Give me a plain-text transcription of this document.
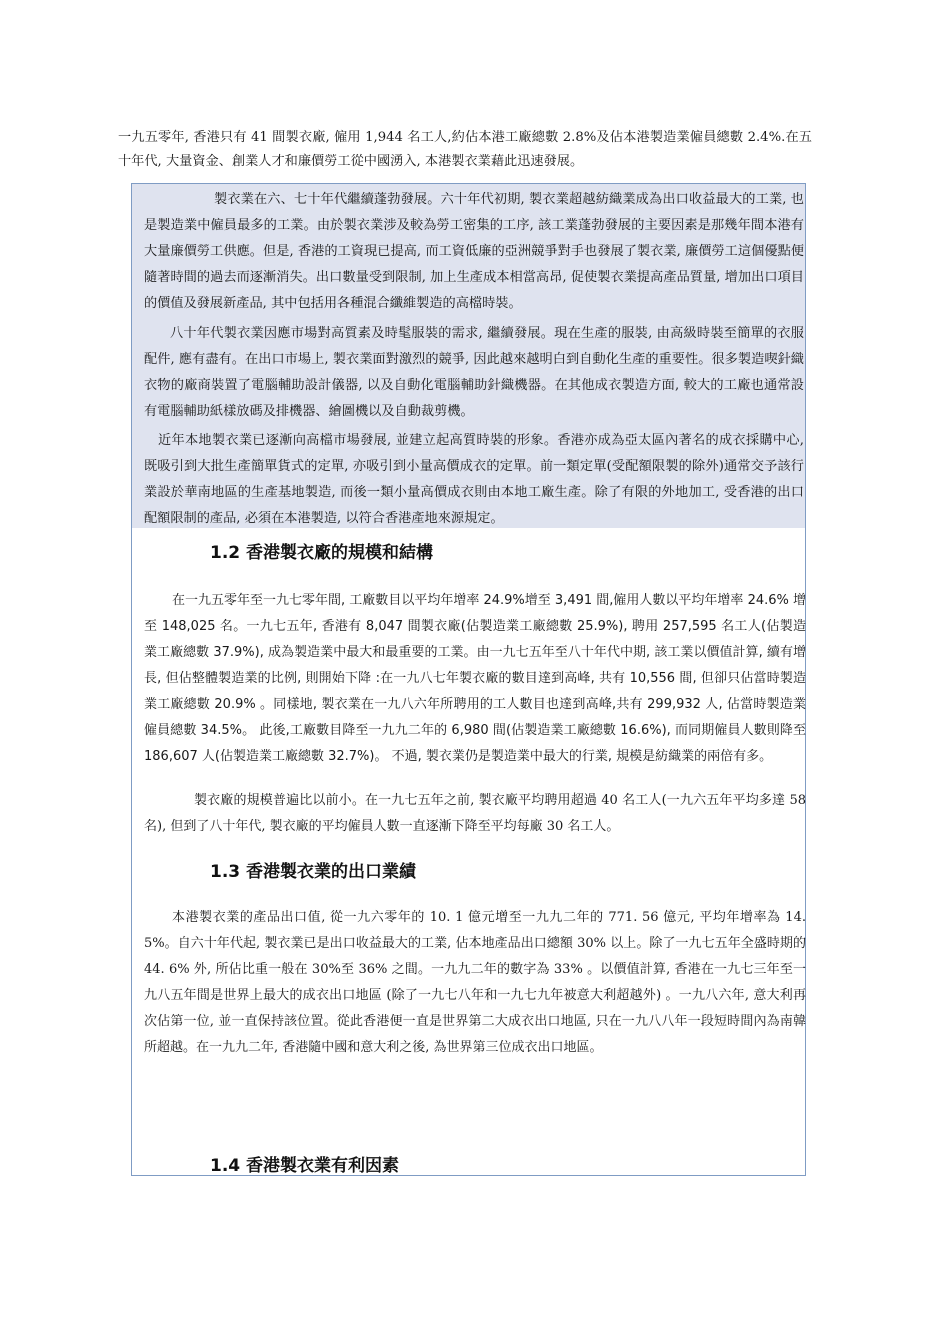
一九五零年, 香港只有 41 間製衣廠, 僱用 1,944 名工人,約佔本港工廠總數 2.8%及佔本港製造業僱員總數 2.4%.在五十年代, 大量資金、創業人才和廉價勞工從中國湧入, 本港製衣業藉此迅速發展。

製衣業在六、七十年代繼續蓬勃發展。六十年代初期, 製衣業超越紡織業成為出口收益最大的工業, 也是製造業中僱員最多的工業。由於製衣業涉及較為勞工密集的工序, 該工業蓬勃發展的主要因素是那幾年間本港有大量廉價勞工供應。但是, 香港的工資現已提高, 而工資低廉的亞洲競爭對手也發展了製衣業, 廉價勞工這個優點便隨著時間的過去而逐漸消失。出口數量受到限制, 加上生產成本相當高昂, 促使製衣業提高產品質量, 增加出口項目的價值及發展新產品, 其中包括用各種混合纖維製造的高檔時裝。

八十年代製衣業因應市場對高質素及時髦服裝的需求, 繼續發展。現在生產的服裝, 由高級時裝至簡單的衣服配件, 應有盡有。在出口市場上, 製衣業面對激烈的競爭, 因此越來越明白到自動化生產的重要性。很多製造喫針織衣物的廠商裝置了電腦輔助設計儀器, 以及自動化電腦輔助針織機器。在其他成衣製造方面, 較大的工廠也通常設有電腦輔助紙樣放碼及排機器、繪圖機以及自動裁剪機。

近年本地製衣業已逐漸向高檔市場發展, 並建立起高質時裝的形象。香港亦成為亞太區內著名的成衣採購中心, 既吸引到大批生產簡單貨式的定單, 亦吸引到小量高價成衣的定單。前一類定單(受配額限製的除外)通常交予該行業設於華南地區的生產基地製造, 而後一類小量高價成衣則由本地工廠生產。除了有限的外地加工, 受香港的出口配額限制的產品, 必須在本港製造, 以符合香港產地來源規定。

1.2 香港製衣廠的規模和結構

在一九五零年至一九七零年間, 工廠數目以平均年增率 24.9%增至 3,491 間,僱用人數以平均年增率 24.6% 增至 148,025 名。一九七五年, 香港有 8,047 間製衣廠(佔製造業工廠總數 25.9%), 聘用 257,595 名工人(佔製造業工廠總數 37.9%), 成為製造業中最大和最重要的工業。由一九七五年至八十年代中期, 該工業以價值計算, 續有增長, 但佔整體製造業的比例, 則開始下降 :在一九八七年製衣廠的數目達到高峰, 共有 10,556 間, 但卻只佔當時製造業工廠總數 20.9% 。同樣地, 製衣業在一九八六年所聘用的工人數目也達到高峰,共有 299,932 人, 佔當時製造業僱員總數 34.5%。 此後,工廠數目降至一九九二年的 6,980 間(佔製造業工廠總數 16.6%), 而同期僱員人數則降至 186,607 人(佔製造業工廠總數 32.7%)。 不過, 製衣業仍是製造業中最大的行業, 規模是紡織業的兩倍有多。

製衣廠的規模普遍比以前小。在一九七五年之前, 製衣廠平均聘用超過 40 名工人(一九六五年平均多達 58 名), 但到了八十年代, 製衣廠的平均僱員人數一直逐漸下降至平均每廠 30 名工人。

1.3 香港製衣業的出口業績

本港製衣業的產品出口值, 從一九六零年的 10. 1 億元增至一九九二年的 771. 56 億元, 平均年增率為 14. 5%。自六十年代起, 製衣業已是出口收益最大的工業, 佔本地產品出口總額 30% 以上。除了一九七五年全盛時期的 44. 6% 外, 所佔比重一般在 30%至 36% 之間。一九九二年的數字為 33% 。以價值計算, 香港在一九七三年至一九八五年間是世界上最大的成衣出口地區 (除了一九七八年和一九七九年被意大利超越外) 。一九八六年, 意大利再次佔第一位, 並一直保持該位置。從此香港便一直是世界第二大成衣出口地區, 只在一九八八年一段短時間內為南韓所超越。在一九九二年, 香港隨中國和意大利之後, 為世界第三位成衣出口地區。

1.4 香港製衣業有利因素
